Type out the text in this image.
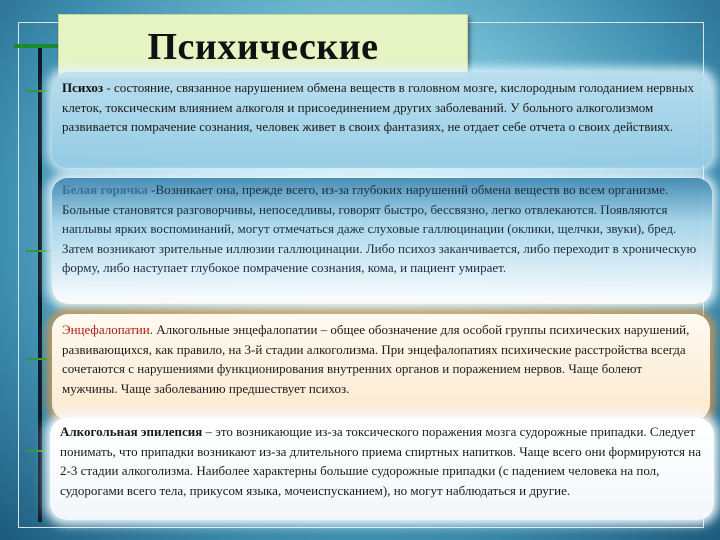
Психические
Психоз - состояние, связанное нарушением обмена веществ в головном мозге, кислородным голоданием нервных клеток, токсическим влиянием алкоголя и присоединением других заболеваний. У больного алкоголизмом развивается помрачение сознания, человек живет в своих фантазиях, не отдает себе отчета о своих действиях.
Белая горячка -Возникает она, прежде всего, из-за глубоких нарушений обмена веществ во всем организме. Больные становятся разговорчивы, непоседливы, говорят быстро, бессвязно, легко отвлекаются. Появляются наплывы ярких воспоминаний, могут отмечаться даже слуховые галлюцинации (оклики, щелчки, звуки), бред. Затем возникают зрительные иллюзии галлюцинации. Либо психоз заканчивается, либо переходит в хроническую форму, либо наступает глубокое помрачение сознания, кома, и пациент умирает.
Энцефалопатии. Алкогольные энцефалопатии – общее обозначение для особой группы психических нарушений, развивающихся, как правило, на 3-й стадии алкоголизма. При энцефалопатиях психические расстройства всегда сочетаются с нарушениями функционирования внутренних органов и поражением нервов. Чаще болеют мужчины. Чаще заболеванию предшествует психоз.
Алкогольная эпилепсия – это возникающие из-за токсического поражения мозга судорожные припадки. Следует понимать, что припадки возникают из-за длительного приема спиртных напитков. Чаще всего они формируются на 2-3 стадии алкоголизма. Наиболее характерны большие судорожные припадки (с падением человека на пол, судорогами всего тела, прикусом языка, мочеиспусканием), но могут наблюдаться и другие.
